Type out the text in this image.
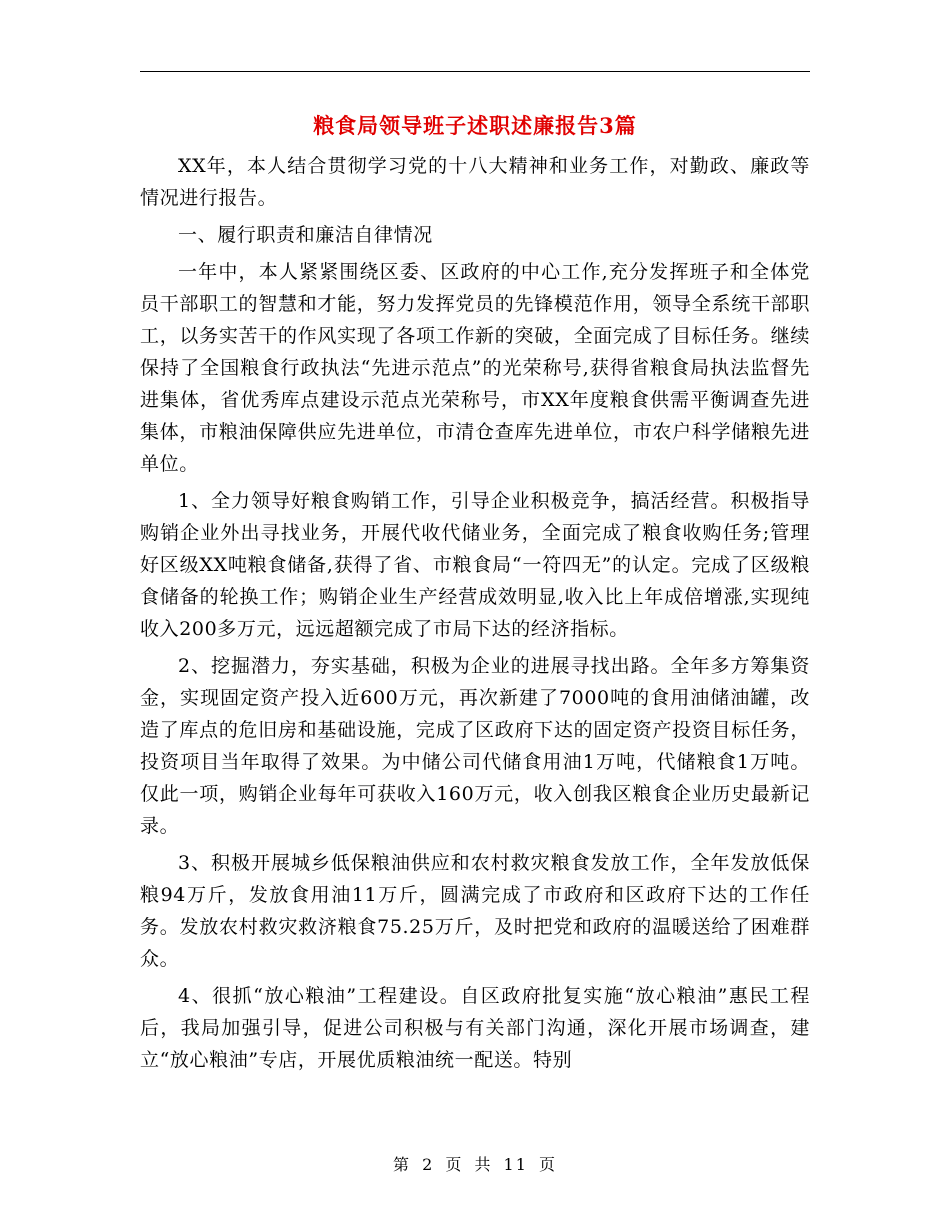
粮食局领导班子述职述廉报告3篇

XX年，本人结合贯彻学习党的十八大精神和业务工作，对勤政、廉政等情况进行报告。

一、履行职责和廉洁自律情况

一年中，本人紧紧围绕区委、区政府的中心工作,充分发挥班子和全体党员干部职工的智慧和才能，努力发挥党员的先锋模范作用，领导全系统干部职工，以务实苦干的作风实现了各项工作新的突破，全面完成了目标任务。继续保持了全国粮食行政执法“先进示范点”的光荣称号,获得省粮食局执法监督先进集体，省优秀库点建设示范点光荣称号，市XX年度粮食供需平衡调查先进集体，市粮油保障供应先进单位，市清仓查库先进单位，市农户科学储粮先进单位。

1、全力领导好粮食购销工作，引导企业积极竞争，搞活经营。积极指导购销企业外出寻找业务，开展代收代储业务，全面完成了粮食收购任务;管理好区级XX吨粮食储备,获得了省、市粮食局“一符四无”的认定。完成了区级粮食储备的轮换工作；购销企业生产经营成效明显,收入比上年成倍增涨,实现纯收入200多万元，远远超额完成了市局下达的经济指标。

2、挖掘潜力，夯实基础，积极为企业的进展寻找出路。全年多方筹集资金，实现固定资产投入近600万元，再次新建了7000吨的食用油储油罐，改造了库点的危旧房和基础设施，完成了区政府下达的固定资产投资目标任务，投资项目当年取得了效果。为中储公司代储食用油1万吨，代储粮食1万吨。仅此一项，购销企业每年可获收入160万元，收入创我区粮食企业历史最新记录。

3、积极开展城乡低保粮油供应和农村救灾粮食发放工作，全年发放低保粮94万斤，发放食用油11万斤，圆满完成了市政府和区政府下达的工作任务。发放农村救灾救济粮食75.25万斤，及时把党和政府的温暖送给了困难群众。

4、很抓“放心粮油”工程建设。自区政府批复实施“放心粮油”惠民工程后，我局加强引导，促进公司积极与有关部门沟通，深化开展市场调查，建立“放心粮油”专店，开展优质粮油统一配送。特别

第 2 页 共 11 页
